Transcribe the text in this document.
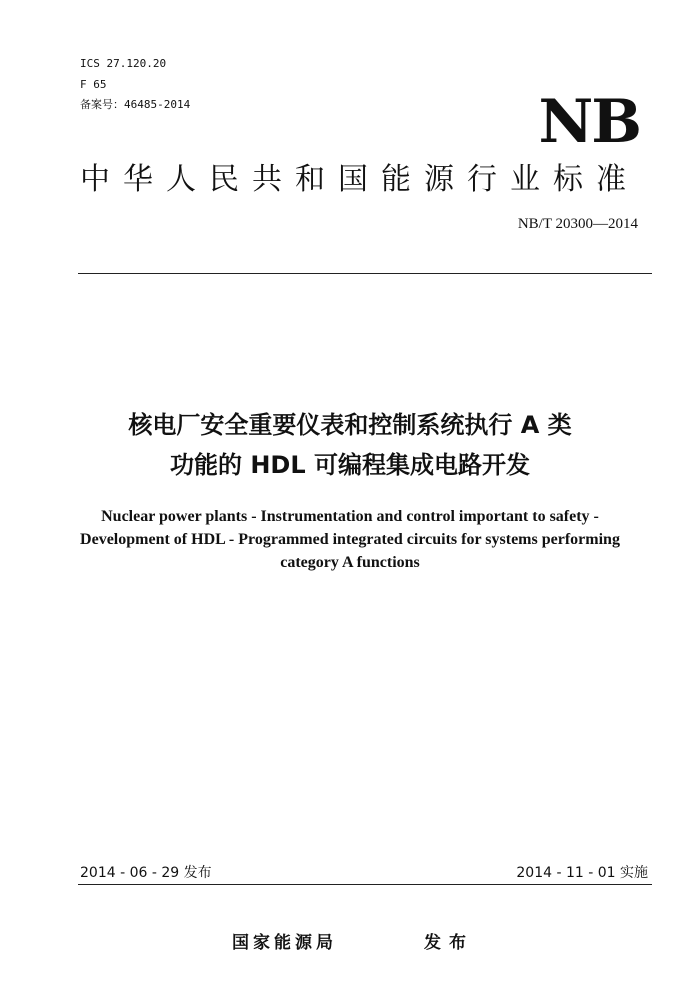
ICS 27.120.20
F 65
备案号：46485-2014	NB
中华人民共和国能源行业标准
NB/T 20300—2014
核电厂安全重要仪表和控制系统执行 A 类
功能的 HDL 可编程集成电路开发
Nuclear power plants - Instrumentation and control important to safety -
Development of HDL - Programmed integrated circuits for systems performing
category A functions
2014 - 06 - 29 发布	2014 - 11 - 01 实施
国家能源局	发布
